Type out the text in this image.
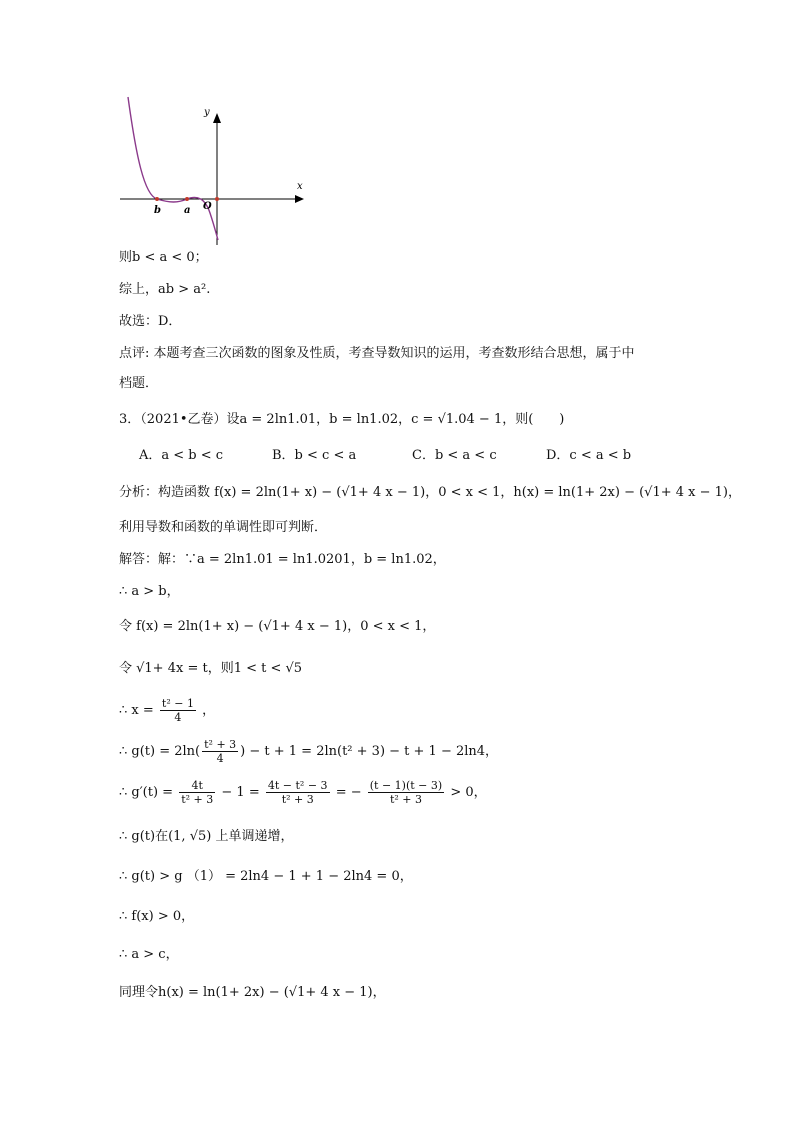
y
x
b a O
则b < a < 0；
综上，ab > a².
故选：D．
点评: 本题考查三次函数的图象及性质，考查导数知识的运用，考查数形结合思想，属于中
档题．
3．（2021•乙卷）设a = 2ln1.01，b = ln1.02，c = √1.04 − 1，则(　　)
A．a < b < c	B．b < c < a	C．b < a < c	D．c < a < b
分析：构造函数 f(x) = 2ln(1+ x) − (√1+ 4 x − 1)，0 < x < 1，h(x) = ln(1+ 2x) − (√1+ 4 x − 1)，
利用导数和函数的单调性即可判断．
解答：解：∵a = 2ln1.01 = ln1.0201，b = ln1.02，
∴ a > b，
令 f(x) = 2ln(1+ x) − (√1+ 4 x − 1)，0 < x < 1，
令 √1+ 4x = t，则1 < t < √5
∴ $x = \frac{\text{t² − 1}}{4}$ ，
∴ $g(t) = 2\ln( \frac{\text{t² + 3}}{4}$ ) − t + 1 = 2ln(t² + 3) − t + 1 − 2ln4，
∴ $g'(t) = \frac{4t}{\text{t² + 3}} - 1 = \frac{\text{4t − t² − 3}}{\text{t² + 3}}$ = − $\frac{(t - 1)(t - 3)}{\text{t² + 3}} > 0$，
∴ g(t)在(1, √5) 上单调递增，
∴ g(t) > g （1） = 2ln4 − 1 + 1 − 2ln4 = 0，
∴ f(x) > 0，
∴ a > c，
同理令h(x) = ln(1+ 2x) − (√1+ 4 x − 1)，
